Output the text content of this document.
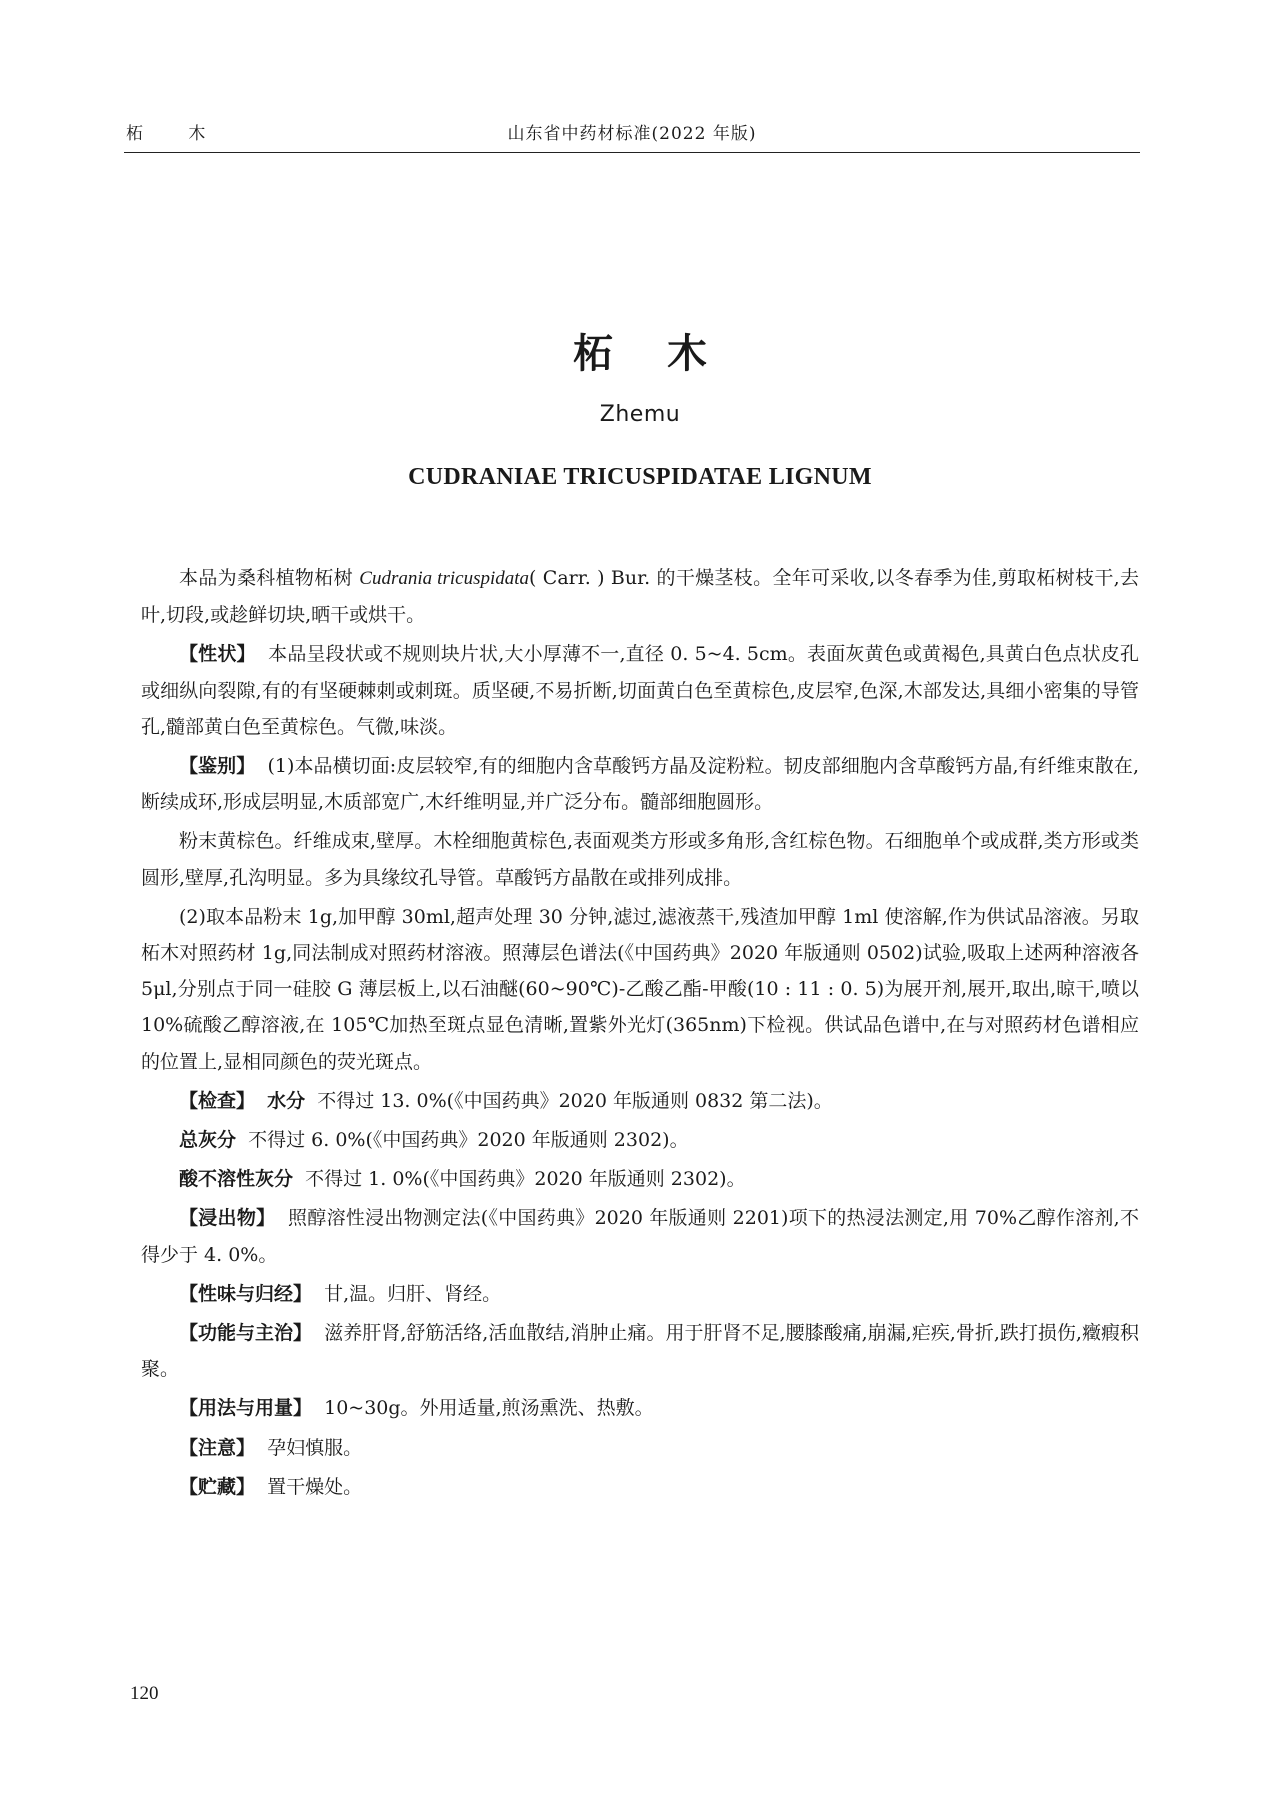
柘 木	山东省中药材标准(2022 年版)
柘木
Zhemu
CUDRANIAE TRICUSPIDATAE LIGNUM

本品为桑科植物柘树 Cudrania tricuspidata( Carr. ) Bur. 的干燥茎枝。全年可采收,以冬春季为佳,剪取柘树枝干,去叶,切段,或趁鲜切块,晒干或烘干。

【性状】 本品呈段状或不规则块片状,大小厚薄不一,直径 0. 5~4. 5cm。表面灰黄色或黄褐色,具黄白色点状皮孔或细纵向裂隙,有的有坚硬棘刺或刺斑。质坚硬,不易折断,切面黄白色至黄棕色,皮层窄,色深,木部发达,具细小密集的导管孔,髓部黄白色至黄棕色。气微,味淡。

【鉴别】 (1)本品横切面:皮层较窄,有的细胞内含草酸钙方晶及淀粉粒。韧皮部细胞内含草酸钙方晶,有纤维束散在,断续成环,形成层明显,木质部宽广,木纤维明显,并广泛分布。髓部细胞圆形。

粉末黄棕色。纤维成束,壁厚。木栓细胞黄棕色,表面观类方形或多角形,含红棕色物。石细胞单个或成群,类方形或类圆形,壁厚,孔沟明显。多为具缘纹孔导管。草酸钙方晶散在或排列成排。

(2)取本品粉末 1g,加甲醇 30ml,超声处理 30 分钟,滤过,滤液蒸干,残渣加甲醇 1ml 使溶解,作为供试品溶液。另取柘木对照药材 1g,同法制成对照药材溶液。照薄层色谱法(《中国药典》2020 年版通则 0502)试验,吸取上述两种溶液各 5μl,分别点于同一硅胶 G 薄层板上,以石油醚(60~90℃)-乙酸乙酯-甲酸(10 : 11 : 0. 5)为展开剂,展开,取出,晾干,喷以 10%硫酸乙醇溶液,在 105℃加热至斑点显色清晰,置紫外光灯(365nm)下检视。供试品色谱中,在与对照药材色谱相应的位置上,显相同颜色的荧光斑点。

【检查】 水分 不得过 13. 0%(《中国药典》2020 年版通则 0832 第二法)。

总灰分 不得过 6. 0%(《中国药典》2020 年版通则 2302)。

酸不溶性灰分 不得过 1. 0%(《中国药典》2020 年版通则 2302)。

【浸出物】 照醇溶性浸出物测定法(《中国药典》2020 年版通则 2201)项下的热浸法测定,用 70%乙醇作溶剂,不得少于 4. 0%。

【性味与归经】 甘,温。归肝、肾经。

【功能与主治】 滋养肝肾,舒筋活络,活血散结,消肿止痛。用于肝肾不足,腰膝酸痛,崩漏,疟疾,骨折,跌打损伤,癥瘕积聚。

【用法与用量】 10~30g。外用适量,煎汤熏洗、热敷。

【注意】 孕妇慎服。

【贮藏】 置干燥处。

120
